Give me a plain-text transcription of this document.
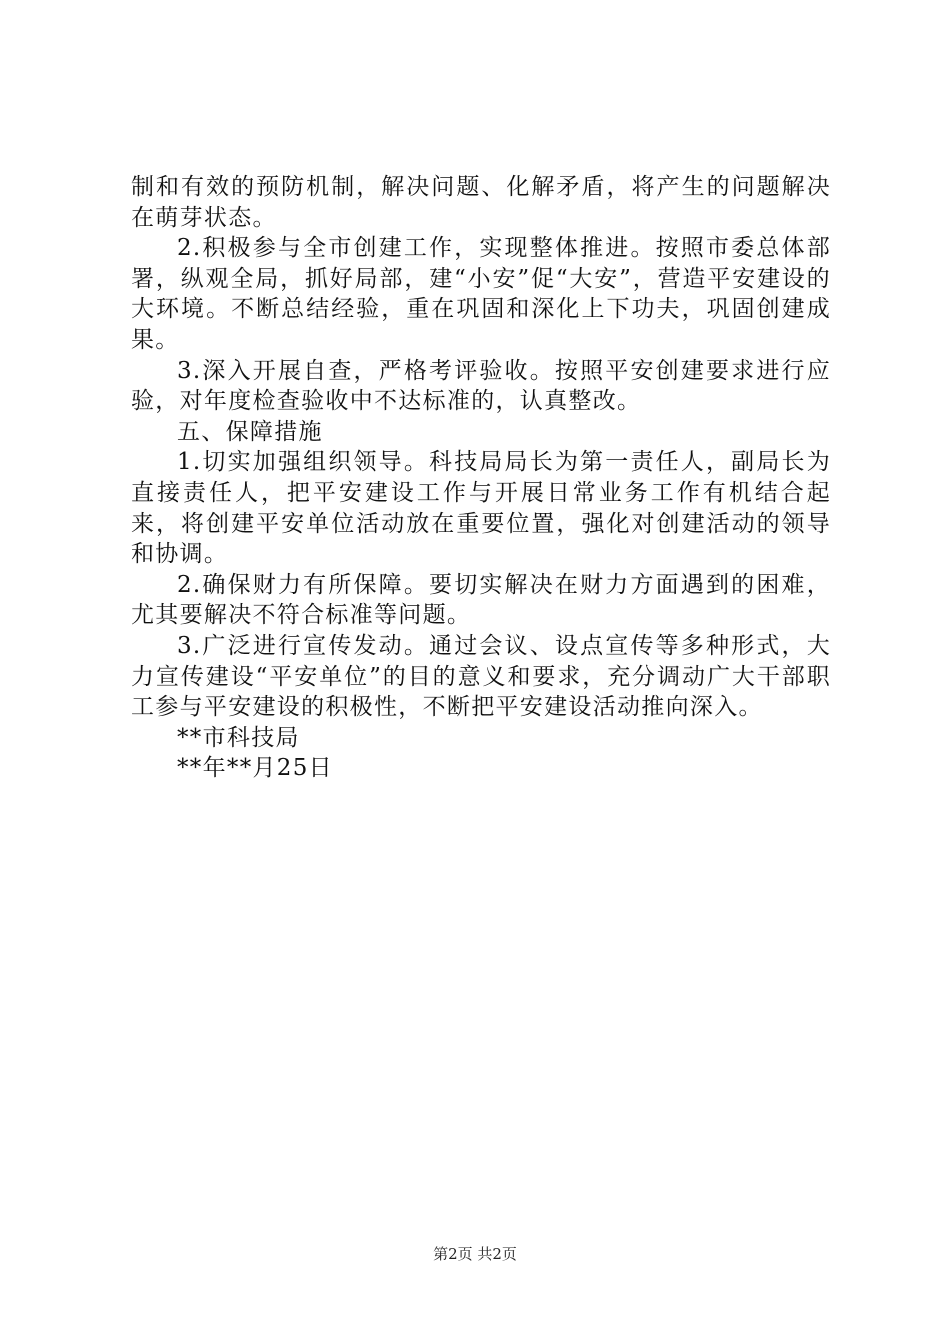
制和有效的预防机制，解决问题、化解矛盾，将产生的问题解决在萌芽状态。

2.积极参与全市创建工作，实现整体推进。按照市委总体部署，纵观全局，抓好局部，建“小安”促“大安”，营造平安建设的大环境。不断总结经验，重在巩固和深化上下功夫，巩固创建成果。

3.深入开展自查，严格考评验收。按照平安创建要求进行应验，对年度检查验收中不达标准的，认真整改。

五、保障措施

1.切实加强组织领导。科技局局长为第一责任人，副局长为直接责任人，把平安建设工作与开展日常业务工作有机结合起来，将创建平安单位活动放在重要位置，强化对创建活动的领导和协调。

2.确保财力有所保障。要切实解决在财力方面遇到的困难，尤其要解决不符合标准等问题。

3.广泛进行宣传发动。通过会议、设点宣传等多种形式，大力宣传建设“平安单位”的目的意义和要求，充分调动广大干部职工参与平安建设的积极性，不断把平安建设活动推向深入。

**市科技局

**年**月25日

第2页 共2页
